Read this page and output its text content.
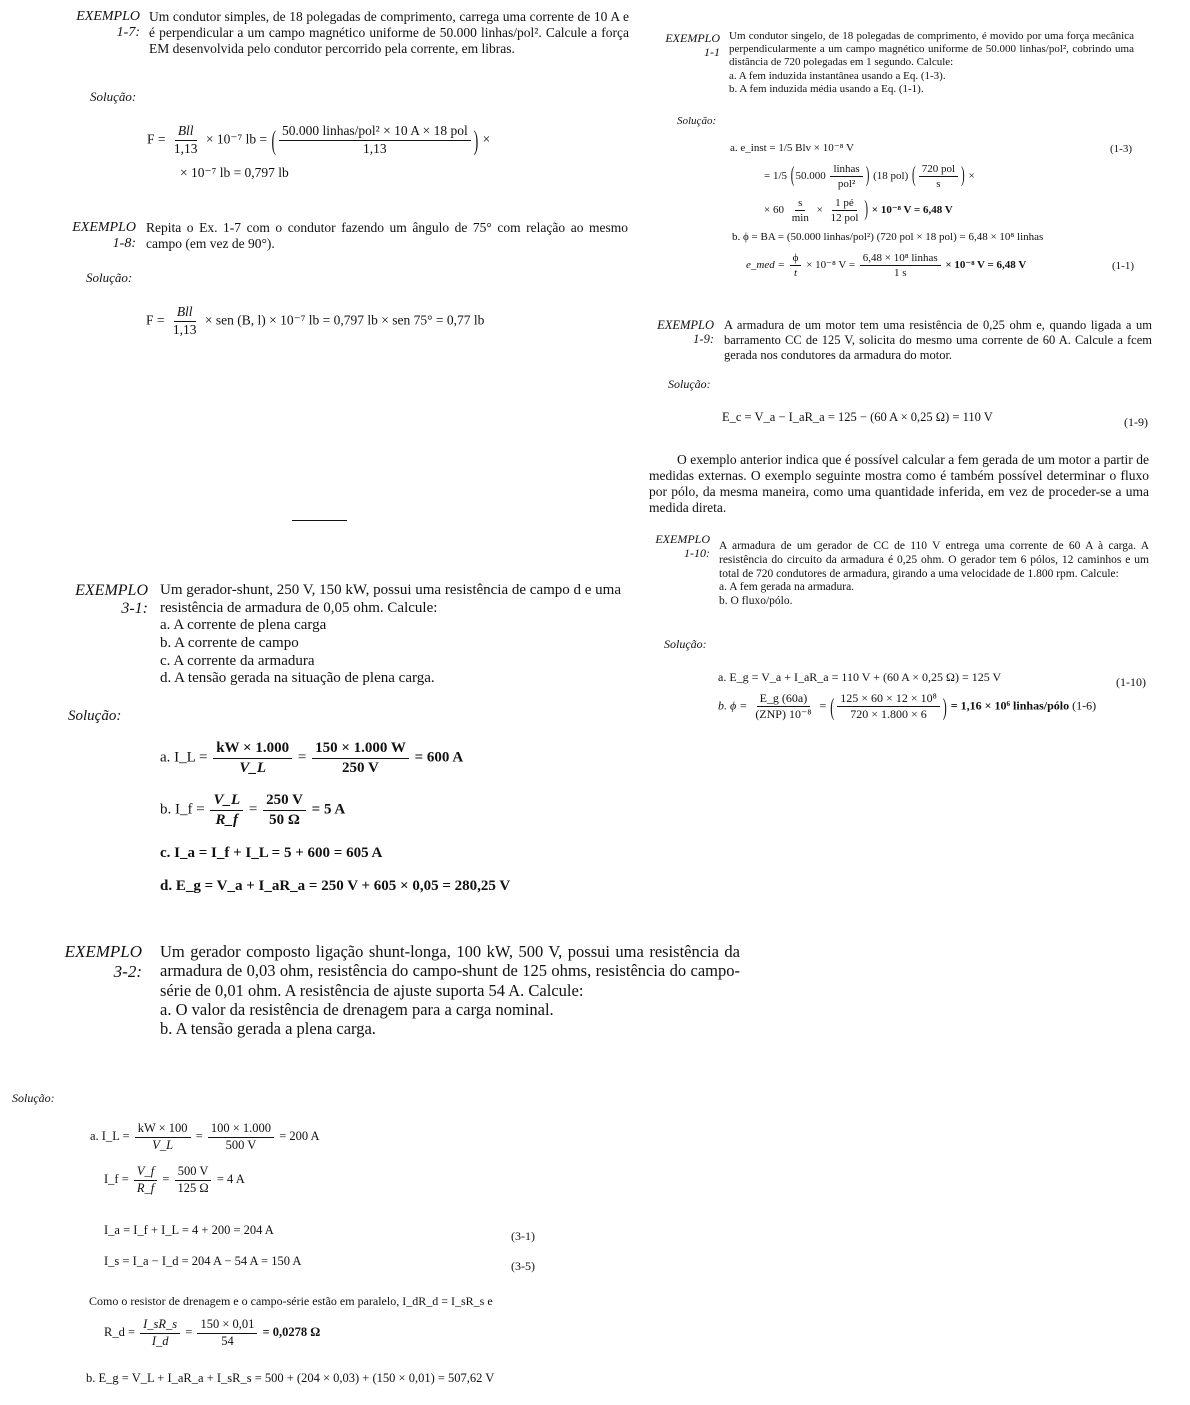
EXEMPLO
1-7:
Um condutor simples, de 18 polegadas de comprimento, carrega uma corrente de 10 A e é perpendicular a um campo magnético uniforme de 50.000 linhas/pol². Calcule a força EM desenvolvida pelo condutor percorrido pela corrente, em libras.
Solução:
$F = \frac{\text{Bll}}{1,13} \times 10^{-7}$ lb = ( $\frac{\text{50.000 linhas/pol² × 10 A × 18 pol}}{1,13}$ ) ×
× 10⁻⁷ lb = 0,797 lb
EXEMPLO
1-8:
Repita o Ex. 1-7 com o condutor fazendo um ângulo de 75° com relação ao mesmo campo (em vez de 90°).
Solução:
$F = \frac{\text{Bll}}{1,13}$ × sen (B, l) × 10⁻⁷ lb = 0,797 lb × sen 75° = 0,77 lb
EXEMPLO
1-1
Um condutor singelo, de 18 polegadas de comprimento, é movido por uma força mecânica perpendicularmente a um campo magnético uniforme de 50.000 linhas/pol², cobrindo uma distância de 720 polegadas em 1 segundo. Calcule:
a. A fem induzida instantânea usando a Eq. (1-3).
b. A fem induzida média usando a Eq. (1-1).
Solução:
a. e_inst = 1/5 Blv × 10⁻⁸ V	(1-3)
= 1/5 ($50.000 \frac{\text{linhas}}{\text{pol²}}$ ) (18 pol) ( $\frac{\text{720 pol}}{s}$ ) ×
× $60 \frac{s}{\min} \times \frac{1 pé}{\text{12 pol}}$ ) × 10⁻⁸ V = 6,48 V
b. ϕ = BA = (50.000 linhas/pol²) (720 pol × 18 pol) = 6,48 × 10⁸ linhas
e_med = $\frac{\phi}{t} \times 10^{-8}$ $V = \frac{\text{6,48 × 10⁸ linhas}}{1 s} \times 10^{-8}$ V = 6,48 V	(1-1)
EXEMPLO
1-9:
A armadura de um motor tem uma resistência de 0,25 ohm e, quando ligada a um barramento CC de 125 V, solicita do mesmo uma corrente de 60 A. Calcule a fcem gerada nos condutores da armadura do motor.
Solução:
E_c = V_a − I_aR_a = 125 − (60 A × 0,25 Ω) = 110 V	(1-9)
O exemplo anterior indica que é possível calcular a fem gerada de um motor a partir de medidas externas. O exemplo seguinte mostra como é também possível determinar o fluxo por pólo, da mesma maneira, como uma quantidade inferida, em vez de proceder-se a uma medida direta.
EXEMPLO
1-10: A armadura de um gerador de CC de 110 V entrega uma corrente de 60 A à carga. A resistência do circuito da armadura é 0,25 ohm. O gerador tem 6 pólos, 12 caminhos e um total de 720 condutores de armadura, girando a uma velocidade de 1.800 rpm. Calcule:
a. A fem gerada na armadura.
b. O fluxo/pólo.
Solução:
a. E_g = V_a + I_aR_a = 110 V + (60 A × 0,25 Ω) = 125 V	(1-10)
b. $\phi = \frac{E\_g (60a)}{\text{(ZNP) 10⁻⁸}}$ = ( $\frac{\text{125 × 60 × 12 × 10⁸}}{720 \times 1.800 \times 6}$ ) = 1,16 × 10⁶ linhas/pólo (1-6)
EXEMPLO
3-1:
Um gerador-shunt, 250 V, 150 kW, possui uma resistência de campo d e uma resistência de armadura de 0,05 ohm. Calcule:
a. A corrente de plena carga
b. A corrente de campo
c. A corrente da armadura
d. A tensão gerada na situação de plena carga.
Solução:
a. I_L = $\frac{kW \times 1.000}{V\_L} = \frac{150 \times 1.000 W}{250 V} = 600$ A
b. I_f = $\frac{V\_L}{R\_f} = \frac{250 V}{50 \Omega} = 5$ A
c. I_a = I_f + I_L = 5 + 600 = 605 A
d. E_g = V_a + I_aR_a = 250 V + 605 × 0,05 = 280,25 V
EXEMPLO
3-2:
Um gerador composto ligação shunt-longa, 100 kW, 500 V, possui uma resistência da armadura de 0,03 ohm, resistência do campo-shunt de 125 ohms, resistência do campo-série de 0,01 ohm. A resistência de ajuste suporta 54 A. Calcule:
a. O valor da resistência de drenagem para a carga nominal.
b. A tensão gerada a plena carga.
Solução:
a. I_L = $\frac{kW \times 100}{V\_L} = \frac{100 \times 1.000}{500 V} = 200$ A
I_f = $\frac{V\_f}{R\_f} = \frac{500 V}{125 \Omega} = 4$ A
I_a = I_f + I_L = 4 + 200 = 204 A	(3-1)
I_s = I_a − I_d = 204 A − 54 A = 150 A	(3-5)
Como o resistor de drenagem e o campo-série estão em paralelo, I_dR_d = I_sR_s e
R_d = $\frac{I\_sR\_s}{I\_d} = \frac{150 \times 0,01}{54} = 0,0278$ Ω
b. E_g = V_L + I_aR_a + I_sR_s = 500 + (204 × 0,03) + (150 × 0,01) = 507,62 V
